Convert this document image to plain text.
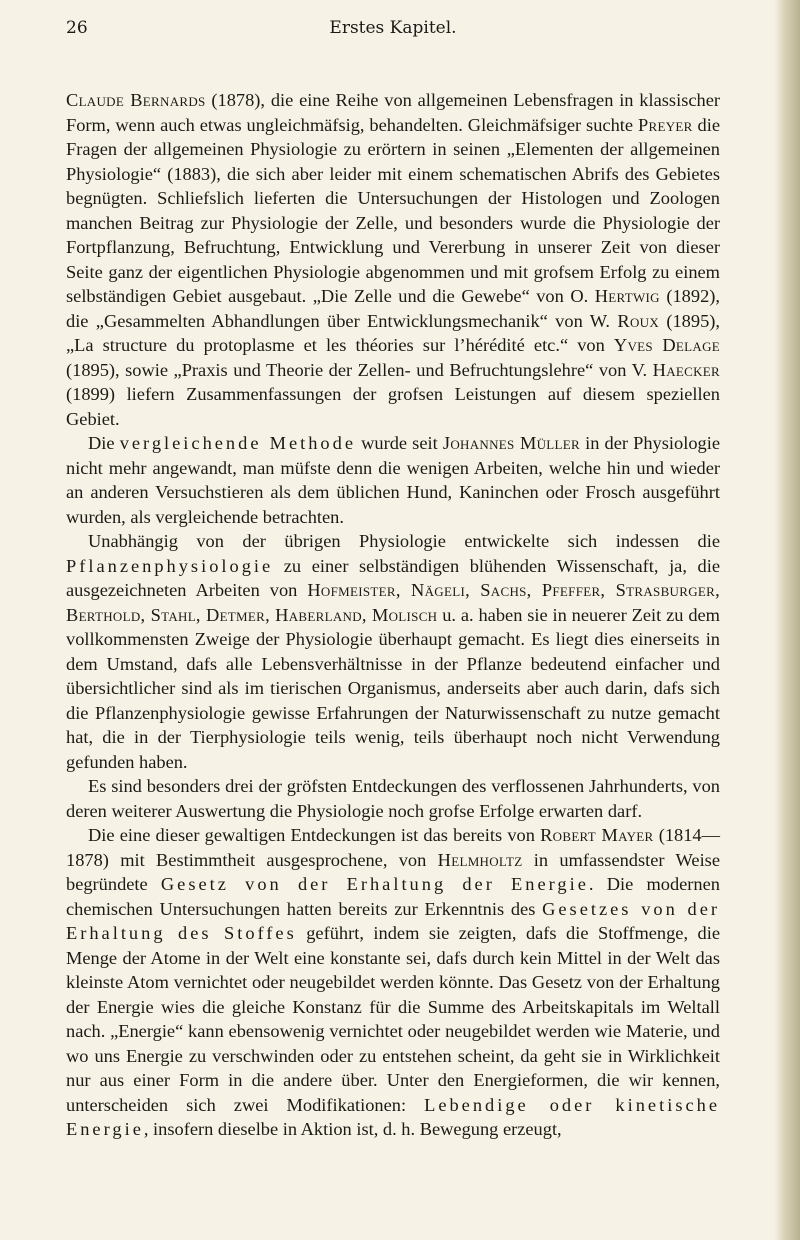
26	Erstes Kapitel.

Claude Bernards (1878), die eine Reihe von allgemeinen Lebensfragen in klassischer Form, wenn auch etwas ungleichmäfsig, behandelten. Gleichmäfsiger suchte Preyer die Fragen der allgemeinen Physiologie zu erörtern in seinen „Elementen der allgemeinen Physiologie“ (1883), die sich aber leider mit einem schematischen Abrifs des Gebietes begnügten. Schliefslich lieferten die Untersuchungen der Histologen und Zoologen manchen Beitrag zur Physiologie der Zelle, und besonders wurde die Physiologie der Fortpflanzung, Befruchtung, Entwicklung und Vererbung in unserer Zeit von dieser Seite ganz der eigentlichen Physiologie abgenommen und mit grofsem Erfolg zu einem selbständigen Gebiet ausgebaut. „Die Zelle und die Gewebe“ von O. Hertwig (1892), die „Gesammelten Abhandlungen über Entwicklungsmechanik“ von W. Roux (1895), „La structure du protoplasme et les théories sur l’hérédité etc.“ von Yves Delage (1895), sowie „Praxis und Theorie der Zellen- und Befruchtungslehre“ von V. Haecker (1899) liefern Zusammenfassungen der grofsen Leistungen auf diesem speziellen Gebiet.

Die vergleichende Methode wurde seit Johannes Müller in der Physiologie nicht mehr angewandt, man müfste denn die wenigen Arbeiten, welche hin und wieder an anderen Versuchstieren als dem üblichen Hund, Kaninchen oder Frosch ausgeführt wurden, als vergleichende betrachten.

Unabhängig von der übrigen Physiologie entwickelte sich indessen die Pflanzenphysiologie zu einer selbständigen blühenden Wissenschaft, ja, die ausgezeichneten Arbeiten von Hofmeister, Nägeli, Sachs, Pfeffer, Strasburger, Berthold, Stahl, Detmer, Haberland, Molisch u. a. haben sie in neuerer Zeit zu dem vollkommensten Zweige der Physiologie überhaupt gemacht. Es liegt dies einerseits in dem Umstand, dafs alle Lebensverhältnisse in der Pflanze bedeutend einfacher und übersichtlicher sind als im tierischen Organismus, anderseits aber auch darin, dafs sich die Pflanzenphysiologie gewisse Erfahrungen der Naturwissenschaft zu nutze gemacht hat, die in der Tierphysiologie teils wenig, teils überhaupt noch nicht Verwendung gefunden haben.

Es sind besonders drei der gröfsten Entdeckungen des verflossenen Jahrhunderts, von deren weiterer Auswertung die Physiologie noch grofse Erfolge erwarten darf.

Die eine dieser gewaltigen Entdeckungen ist das bereits von Robert Mayer (1814—1878) mit Bestimmtheit ausgesprochene, von Helmholtz in umfassendster Weise begründete Gesetz von der Erhaltung der Energie. Die modernen chemischen Untersuchungen hatten bereits zur Erkenntnis des Gesetzes von der Erhaltung des Stoffes geführt, indem sie zeigten, dafs die Stoffmenge, die Menge der Atome in der Welt eine konstante sei, dafs durch kein Mittel in der Welt das kleinste Atom vernichtet oder neugebildet werden könnte. Das Gesetz von der Erhaltung der Energie wies die gleiche Konstanz für die Summe des Arbeitskapitals im Weltall nach. „Energie“ kann ebensowenig vernichtet oder neugebildet werden wie Materie, und wo uns Energie zu verschwinden oder zu entstehen scheint, da geht sie in Wirklichkeit nur aus einer Form in die andere über. Unter den Energieformen, die wir kennen, unterscheiden sich zwei Modifikationen: Lebendige oder kinetische Energie, insofern dieselbe in Aktion ist, d. h. Bewegung erzeugt,
